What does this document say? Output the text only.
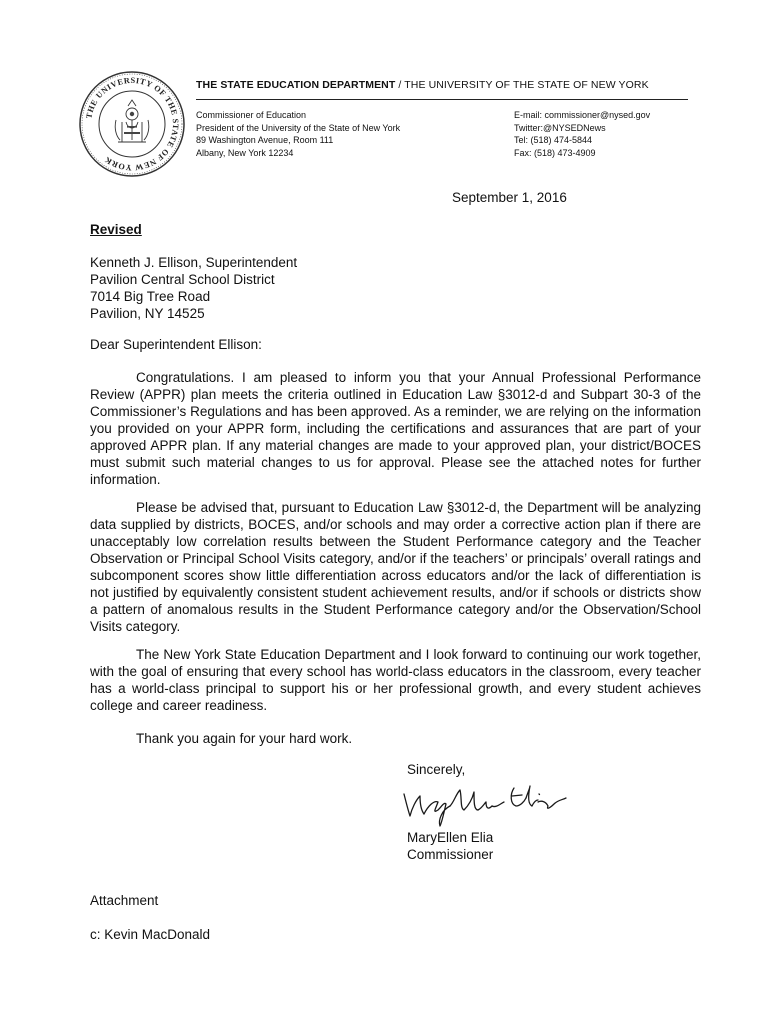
THE UNIVERSITY OF THE STATE OF NEW YORK
THE STATE EDUCATION DEPARTMENT / THE UNIVERSITY OF THE STATE OF NEW YORK
Commissioner of Education
President of the University of the State of New York
89 Washington Avenue, Room 111
Albany, New York 12234
E-mail: commissioner@nysed.gov
Twitter:@NYSEDNews
Tel: (518) 474-5844
Fax: (518) 473-4909
September 1, 2016
Revised
Kenneth J. Ellison, Superintendent
Pavilion Central School District
7014 Big Tree Road
Pavilion, NY 14525
Dear Superintendent Ellison:
Congratulations. I am pleased to inform you that your Annual Professional Performance Review (APPR) plan meets the criteria outlined in Education Law §3012-d and Subpart 30-3 of the Commissioner’s Regulations and has been approved. As a reminder, we are relying on the information you provided on your APPR form, including the certifications and assurances that are part of your approved APPR plan. If any material changes are made to your approved plan, your district/BOCES must submit such material changes to us for approval. Please see the attached notes for further information.
Please be advised that, pursuant to Education Law §3012-d, the Department will be analyzing data supplied by districts, BOCES, and/or schools and may order a corrective action plan if there are unacceptably low correlation results between the Student Performance category and the Teacher Observation or Principal School Visits category, and/or if the teachers’ or principals’ overall ratings and subcomponent scores show little differentiation across educators and/or the lack of differentiation is not justified by equivalently consistent student achievement results, and/or if schools or districts show a pattern of anomalous results in the Student Performance category and/or the Observation/School Visits category.
The New York State Education Department and I look forward to continuing our work together, with the goal of ensuring that every school has world-class educators in the classroom, every teacher has a world-class principal to support his or her professional growth, and every student achieves college and career readiness.
Thank you again for your hard work.
Sincerely,
MaryEllen Elia
Commissioner
Attachment
c: Kevin MacDonald
